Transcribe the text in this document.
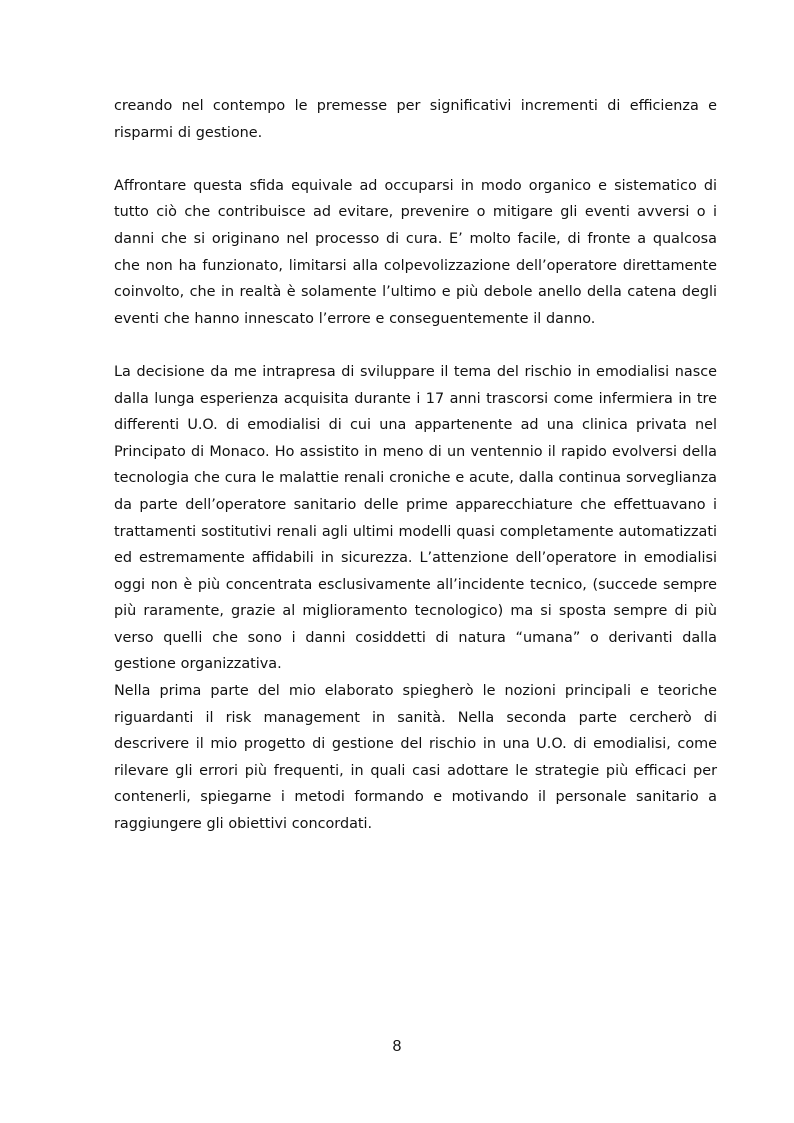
creando nel contempo le premesse per significativi incrementi di efficienza e risparmi di gestione.

Affrontare questa sfida equivale ad occuparsi in modo organico e sistematico di tutto ciò che contribuisce ad evitare, prevenire o mitigare gli eventi avversi o i danni che si originano nel processo di cura. E’ molto facile, di fronte a qualcosa che non ha funzionato, limitarsi alla colpevolizzazione dell’operatore direttamente coinvolto, che in realtà è solamente l’ultimo e più debole anello della catena degli eventi che hanno innescato l’errore e conseguentemente il danno.

La decisione da me intrapresa di sviluppare il tema del rischio in emodialisi nasce dalla lunga esperienza acquisita durante i 17 anni trascorsi come infermiera in tre differenti U.O. di emodialisi di cui una appartenente ad una clinica privata nel Principato di Monaco. Ho assistito in meno di un ventennio il rapido evolversi della tecnologia che cura le malattie renali croniche e acute, dalla continua sorveglianza da parte dell’operatore sanitario delle prime apparecchiature che effettuavano i trattamenti sostitutivi renali agli ultimi modelli quasi completamente automatizzati ed estremamente affidabili in sicurezza. L’attenzione dell’operatore in emodialisi oggi non è più concentrata esclusivamente all’incidente tecnico, (succede sempre più raramente, grazie al miglioramento tecnologico) ma si sposta sempre di più verso quelli che sono i danni cosiddetti di natura “umana” o derivanti dalla gestione organizzativa.

Nella prima parte del mio elaborato spiegherò le nozioni principali e teoriche riguardanti il risk management in sanità. Nella seconda parte cercherò di descrivere il mio progetto di gestione del rischio in una U.O. di emodialisi, come rilevare gli errori più frequenti, in quali casi adottare le strategie più efficaci per contenerli, spiegarne i metodi formando e motivando il personale sanitario a raggiungere gli obiettivi concordati.

8
